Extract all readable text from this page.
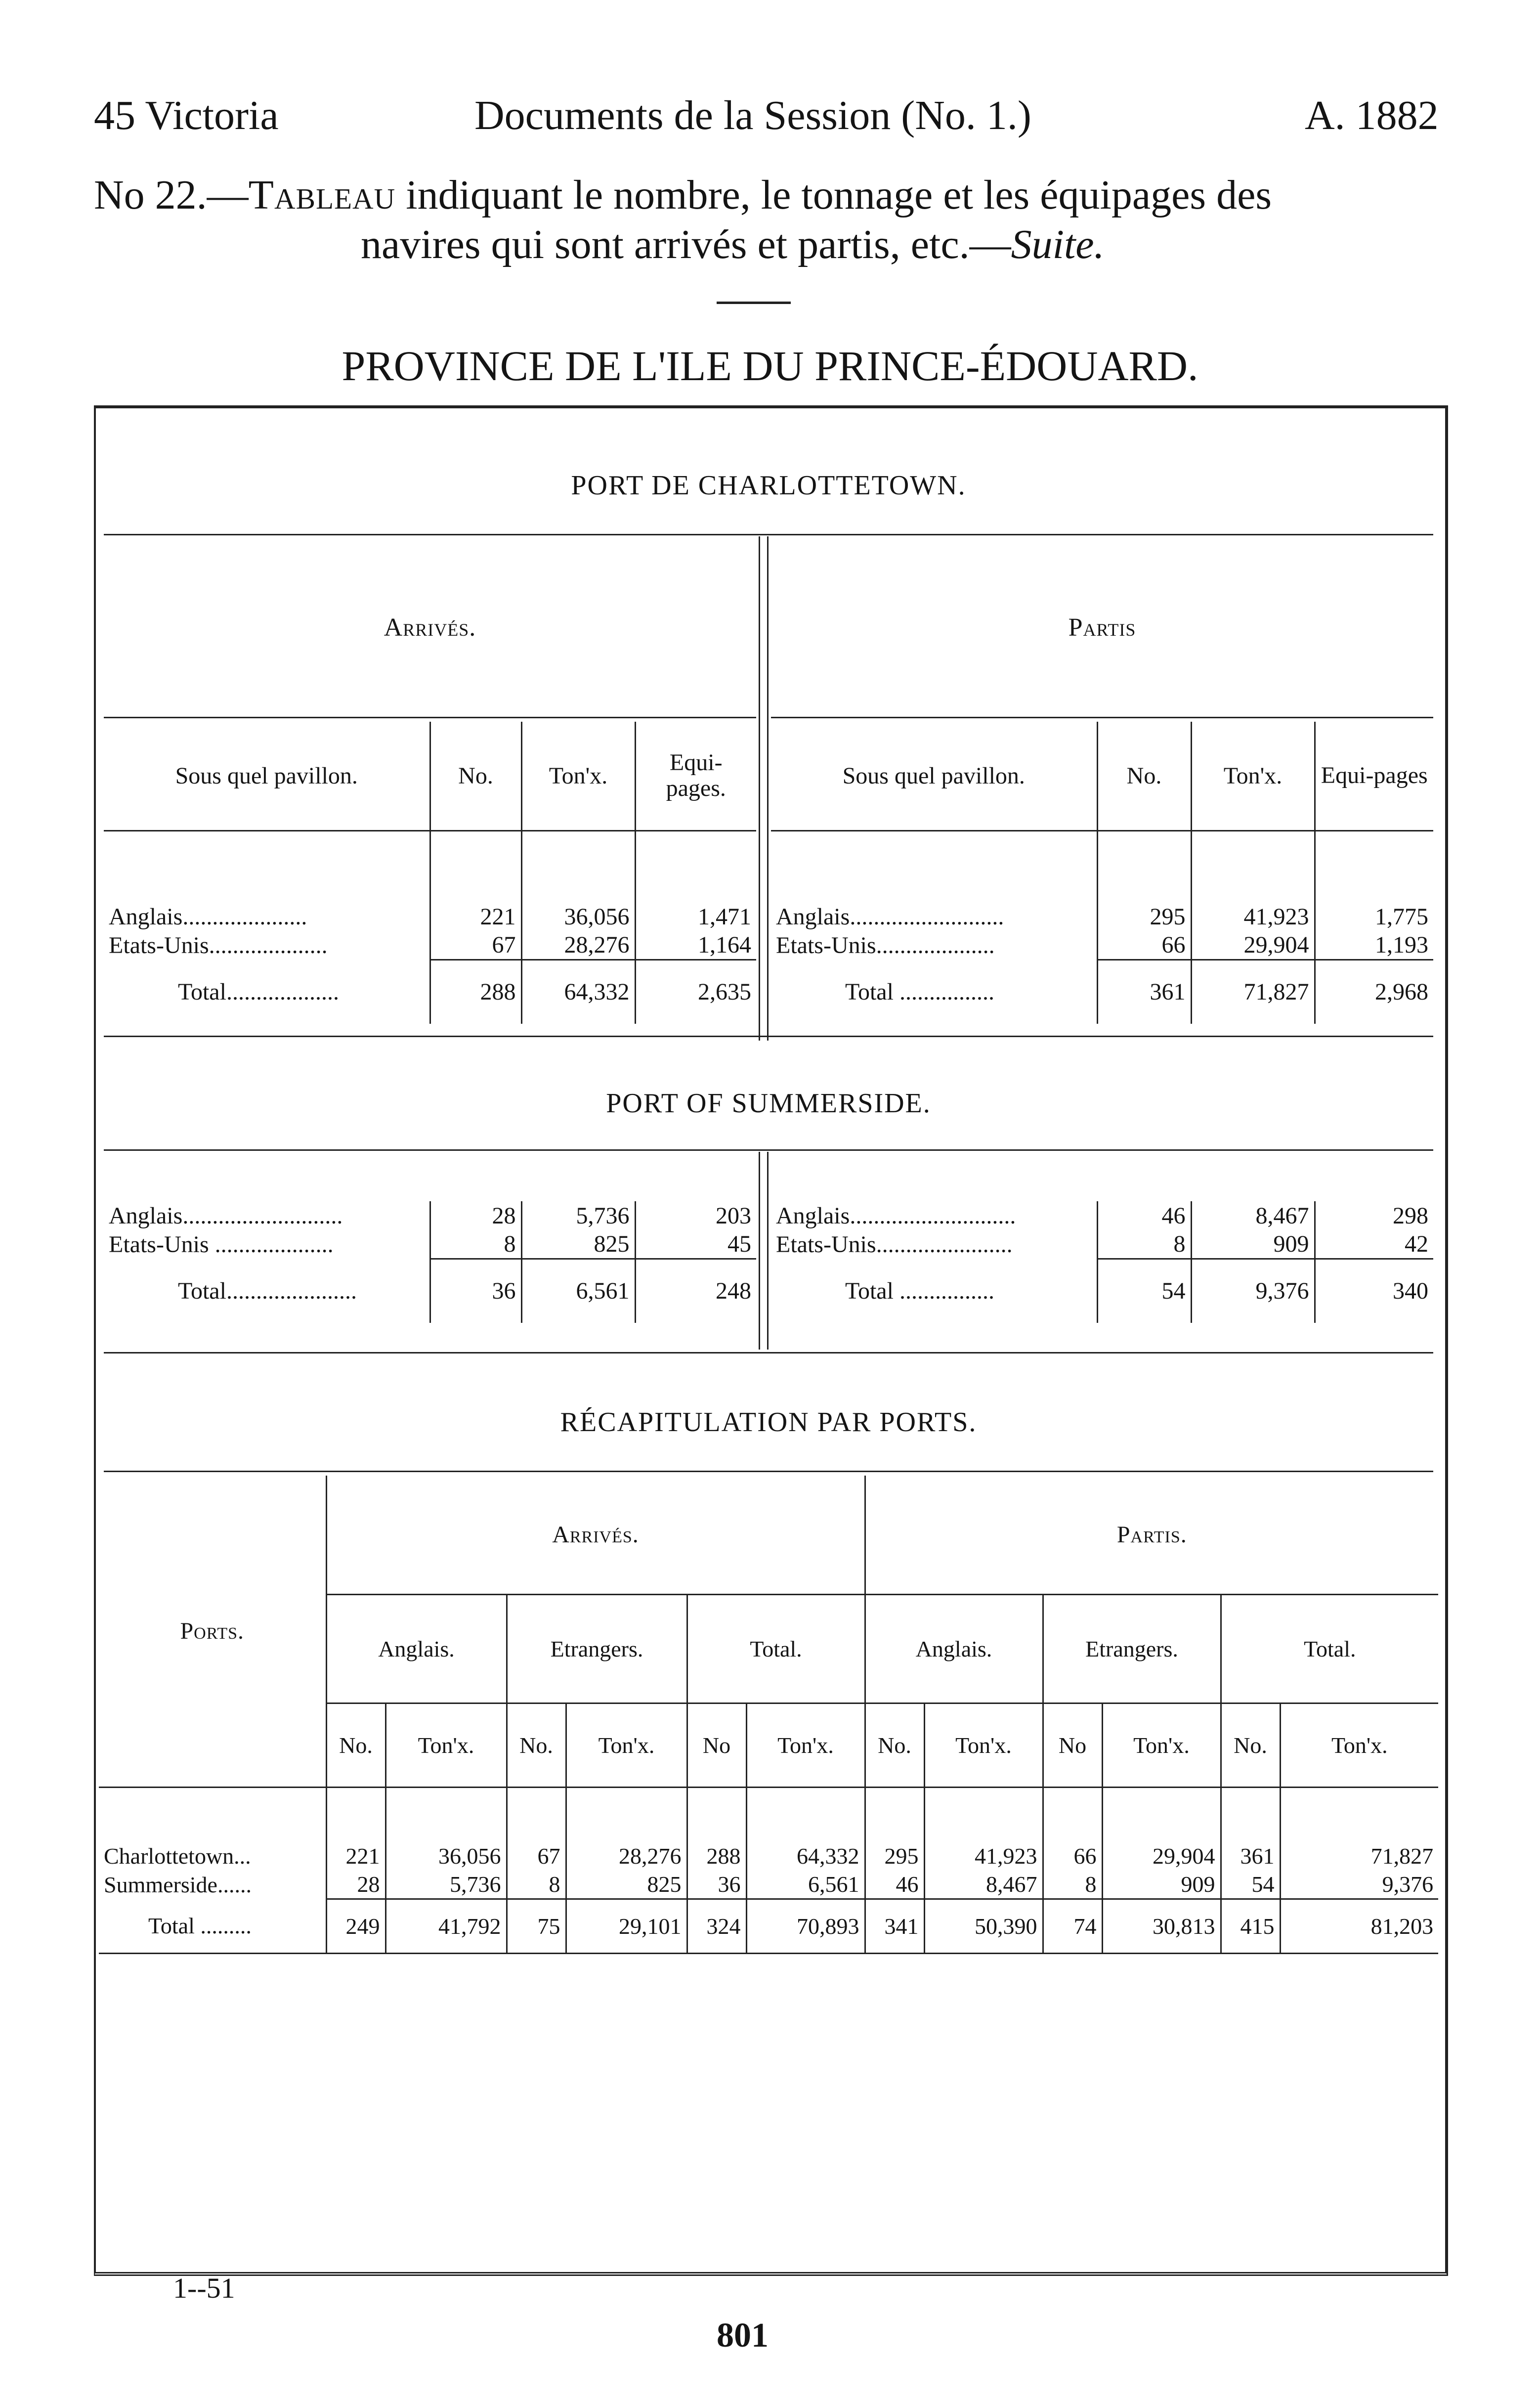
45 Victoria	Documents de la Session (No. 1.)	A. 1882
No 22.—Tableau indiquant le nombre, le tonnage et les équipages des
navires qui sont arrivés et partis, etc.—Suite.
PROVINCE DE L'ILE DU PRINCE-ÉDOUARD.
PORT DE CHARLOTTETOWN.
Arrivés.	Partis
Sous quel pavillon.	No.	Ton'x.	Equi-pages.

Anglais.....................	221	36,056	1,471
Etats-Unis....................	67	28,276	1,164
Total...................	288	64,332	2,635
Sous quel pavillon.	No.	Ton'x.	Equi-pages

Anglais..........................	295	41,923	1,775
Etats-Unis....................	66	29,904	1,193
Total ................	361	71,827	2,968
PORT OF SUMMERSIDE.
Anglais...........................	28	5,736	203
Etats-Unis ....................	8	825	45
Total......................	36	6,561	248
Anglais............................	46	8,467	298
Etats-Unis.......................	8	909	42
Total ................	54	9,376	340
RÉCAPITULATION PAR PORTS.
Ports.	Arrivés.						Partis.					
	Anglais.		Etrangers.		Total.		Anglais.		Etrangers.		Total.	
	No.	Ton'x.	No.	Ton'x.	No	Ton'x.	No.	Ton'x.	No	Ton'x.	No.	Ton'x.

Charlottetown...	221	36,056	67	28,276	288	64,332	295	41,923	66	29,904	361	71,827
Summerside......	28	5,736	8	825	36	6,561	46	8,467	8	909	54	9,376
Total .........	249	41,792	75	29,101	324	70,893	341	50,390	74	30,813	415	81,203
1--51
801
